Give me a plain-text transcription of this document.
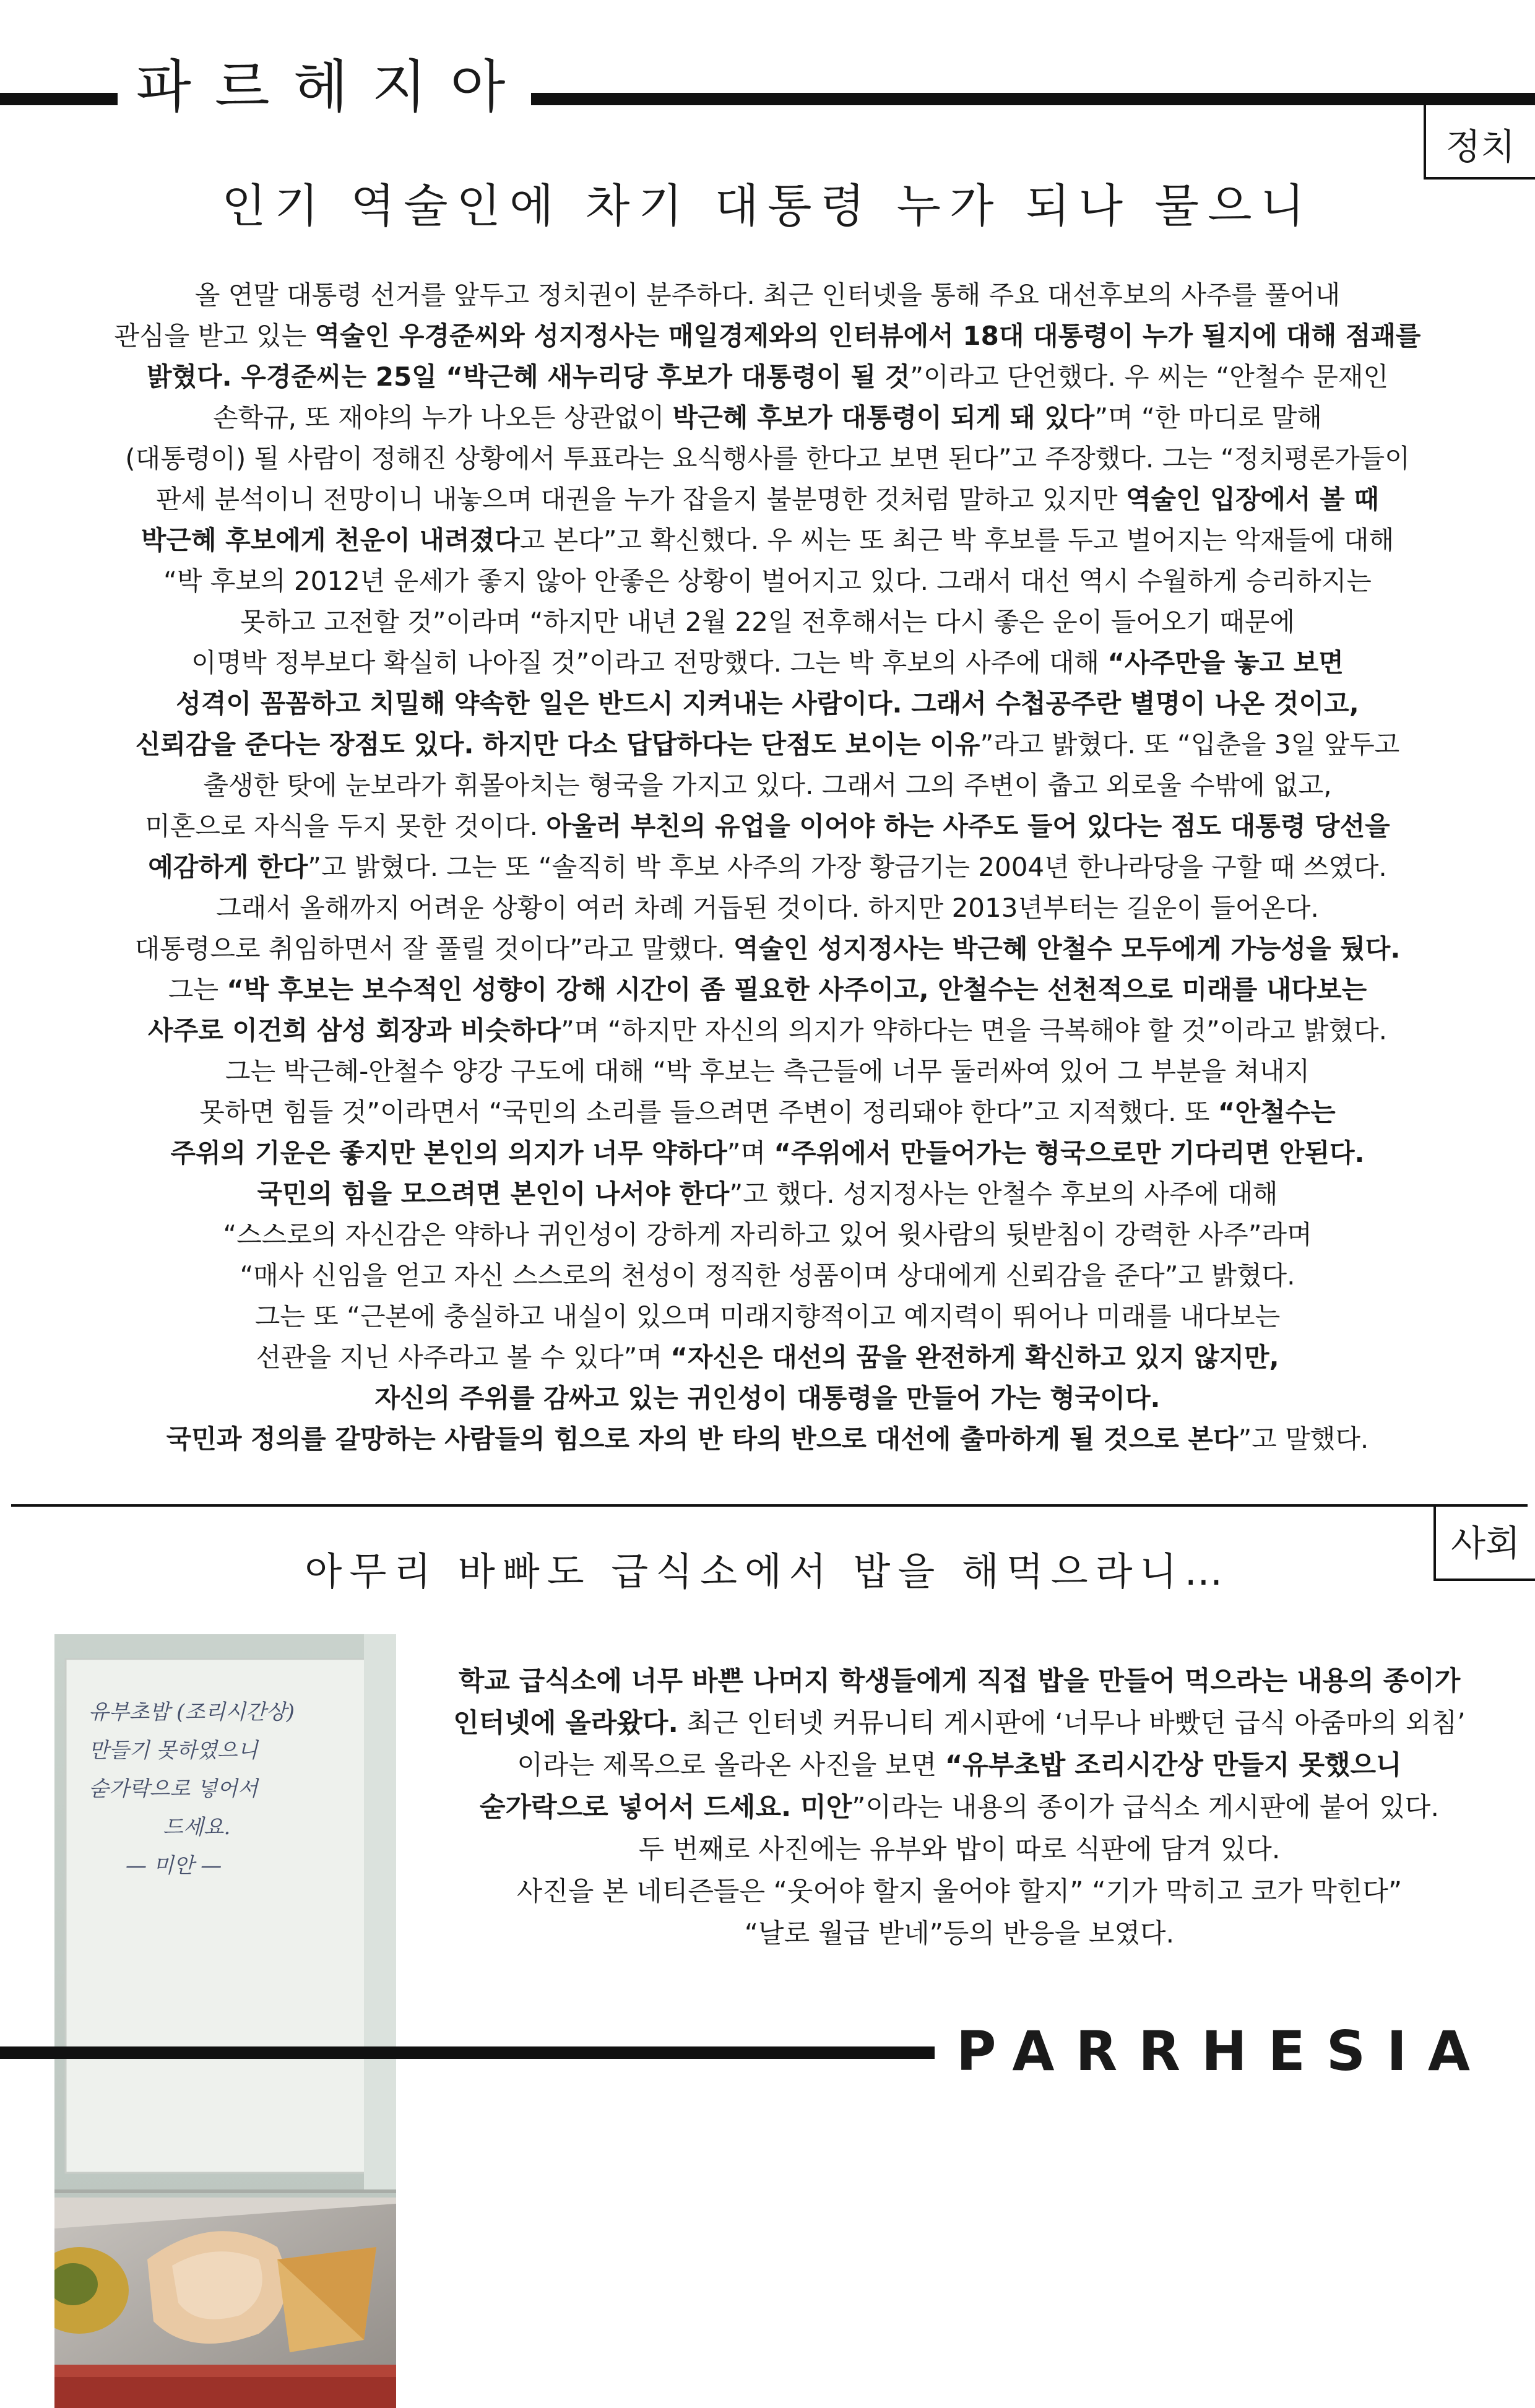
파르헤지아
정치
인기 역술인에 차기 대통령 누가 되나 물으니
올 연말 대통령 선거를 앞두고 정치권이 분주하다. 최근 인터넷을 통해 주요 대선후보의 사주를 풀어내
관심을 받고 있는 역술인 우경준씨와 성지정사는 매일경제와의 인터뷰에서 18대 대통령이 누가 될지에 대해 점괘를
밝혔다. 우경준씨는 25일 “박근혜 새누리당 후보가 대통령이 될 것”이라고 단언했다. 우 씨는 “안철수 문재인
손학규, 또 재야의 누가 나오든 상관없이 박근혜 후보가 대통령이 되게 돼 있다”며 “한 마디로 말해
(대통령이) 될 사람이 정해진 상황에서 투표라는 요식행사를 한다고 보면 된다”고 주장했다. 그는 “정치평론가들이
판세 분석이니 전망이니 내놓으며 대권을 누가 잡을지 불분명한 것처럼 말하고 있지만 역술인 입장에서 볼 때
박근혜 후보에게 천운이 내려졌다고 본다”고 확신했다. 우 씨는 또 최근 박 후보를 두고 벌어지는 악재들에 대해
“박 후보의 2012년 운세가 좋지 않아 안좋은 상황이 벌어지고 있다. 그래서 대선 역시 수월하게 승리하지는
못하고 고전할 것”이라며 “하지만 내년 2월 22일 전후해서는 다시 좋은 운이 들어오기 때문에
이명박 정부보다 확실히 나아질 것”이라고 전망했다. 그는 박 후보의 사주에 대해 “사주만을 놓고 보면
성격이 꼼꼼하고 치밀해 약속한 일은 반드시 지켜내는 사람이다. 그래서 수첩공주란 별명이 나온 것이고,
신뢰감을 준다는 장점도 있다. 하지만 다소 답답하다는 단점도 보이는 이유”라고 밝혔다. 또 “입춘을 3일 앞두고
출생한 탓에 눈보라가 휘몰아치는 형국을 가지고 있다. 그래서 그의 주변이 춥고 외로울 수밖에 없고,
미혼으로 자식을 두지 못한 것이다. 아울러 부친의 유업을 이어야 하는 사주도 들어 있다는 점도 대통령 당선을
예감하게 한다”고 밝혔다. 그는 또 “솔직히 박 후보 사주의 가장 황금기는 2004년 한나라당을 구할 때 쓰였다.
그래서 올해까지 어려운 상황이 여러 차례 거듭된 것이다. 하지만 2013년부터는 길운이 들어온다.
대통령으로 취임하면서 잘 풀릴 것이다”라고 말했다. 역술인 성지정사는 박근혜 안철수 모두에게 가능성을 뒀다.
그는 “박 후보는 보수적인 성향이 강해 시간이 좀 필요한 사주이고, 안철수는 선천적으로 미래를 내다보는
사주로 이건희 삼성 회장과 비슷하다”며 “하지만 자신의 의지가 약하다는 면을 극복해야 할 것”이라고 밝혔다.
그는 박근혜-안철수 양강 구도에 대해 “박 후보는 측근들에 너무 둘러싸여 있어 그 부분을 쳐내지
못하면 힘들 것”이라면서 “국민의 소리를 들으려면 주변이 정리돼야 한다”고 지적했다. 또 “안철수는
주위의 기운은 좋지만 본인의 의지가 너무 약하다”며 “주위에서 만들어가는 형국으로만 기다리면 안된다.
국민의 힘을 모으려면 본인이 나서야 한다”고 했다. 성지정사는 안철수 후보의 사주에 대해
“스스로의 자신감은 약하나 귀인성이 강하게 자리하고 있어 윗사람의 뒷받침이 강력한 사주”라며
“매사 신임을 얻고 자신 스스로의 천성이 정직한 성품이며 상대에게 신뢰감을 준다”고 밝혔다.
그는 또 “근본에 충실하고 내실이 있으며 미래지향적이고 예지력이 뛰어나 미래를 내다보는
선관을 지닌 사주라고 볼 수 있다”며 “자신은 대선의 꿈을 완전하게 확신하고 있지 않지만,
자신의 주위를 감싸고 있는 귀인성이 대통령을 만들어 가는 형국이다.
국민과 정의를 갈망하는 사람들의 힘으로 자의 반 타의 반으로 대선에 출마하게 될 것으로 본다”고 말했다.
사회
아무리 바빠도 급식소에서 밥을 해먹으라니…
유부초밥 (조리시간상)
만들기 못하였으니
숟가락으로 넣어서
드세요.
— 미안 —
학교 급식소에 너무 바쁜 나머지 학생들에게 직접 밥을 만들어 먹으라는 내용의 종이가
인터넷에 올라왔다. 최근 인터넷 커뮤니티 게시판에 ‘너무나 바빴던 급식 아줌마의 외침’
이라는 제목으로 올라온 사진을 보면 “유부초밥 조리시간상 만들지 못했으니
숟가락으로 넣어서 드세요. 미안”이라는 내용의 종이가 급식소 게시판에 붙어 있다.
두 번째로 사진에는 유부와 밥이 따로 식판에 담겨 있다.
사진을 본 네티즌들은 “웃어야 할지 울어야 할지” “기가 막히고 코가 막힌다”
“날로 월급 받네”등의 반응을 보였다.
PARRHESIA
